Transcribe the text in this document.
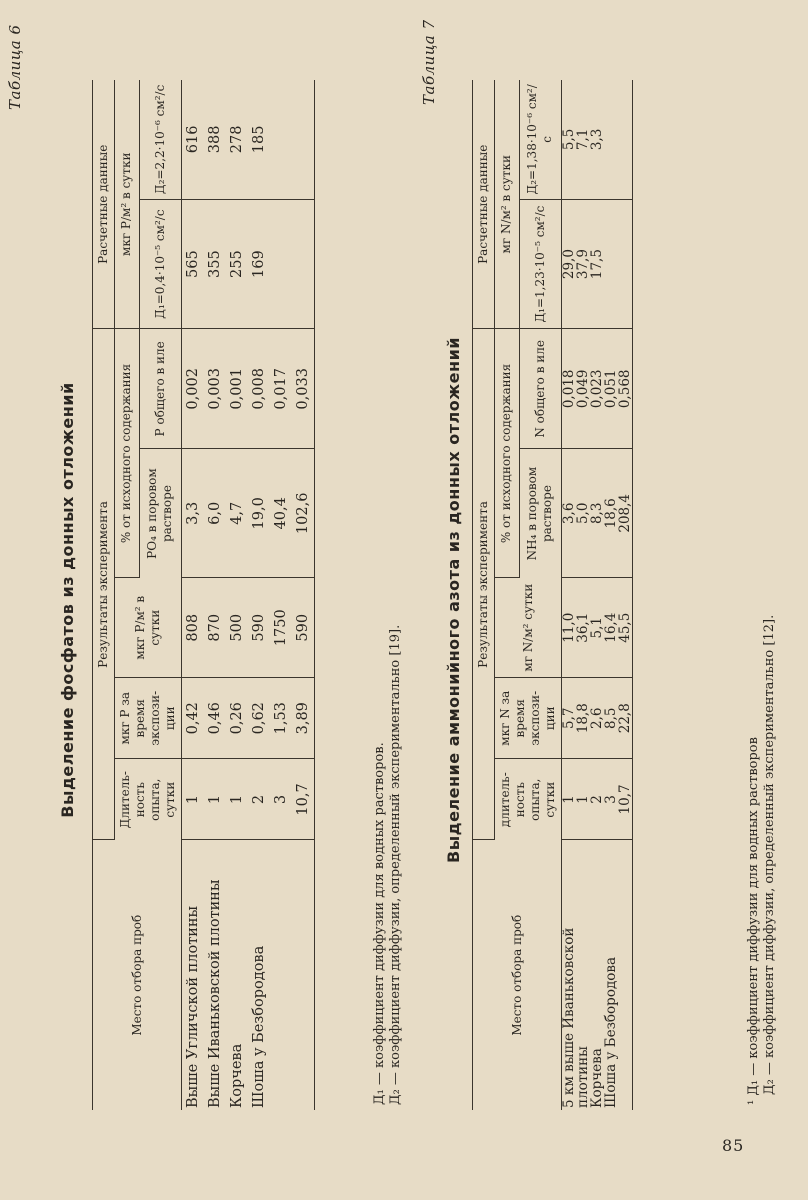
85
Таблица 6
Выделение фосфатов из донных отложений
Место отбора проб	Результаты эксперимента					Расчетные данные	
	Длитель-ность опыта, сутки	мкг Р за время экспози-ции	мкг Р/м² в сутки	% от исходного содержания		мкг Р/м² в сутки	
				РО₄ в поровом растворе	Р общего в иле	Д₁=0,4·10⁻⁵ см²/с	Д₂=2,2·10⁻⁶ см²/с
Выше Угличской плотины	1	0,42	808	3,3	0,002	565	616
Выше Иваньковской плотины	1	0,46	870	6,0	0,003	355	388
Корчева	1	0,26	500	4,7	0,001	255	278
Шоша у Безбородова	2	0,62	590	19,0	0,008	169	185
	3	1,53	1750	40,4	0,017		
	10,7	3,89	590	102,6	0,033		
Д₁ — коэффициент диффузии для водных растворов. Д₂ — коэффициент диффузии, определенный экспериментально [19].
Таблица 7
Выделение аммонийного азота из донных отложений
Место отбора проб	Результаты эксперимента					Расчетные данные	
	длитель-ность опыта, сутки	мкг N за время экспози-ции	мг N/м² сутки	% от исходного содержания		мг N/м² в сутки	
				NH₄ в поровом растворе	N общего в иле	Д₁=1,23·10⁻⁵ см²/с	Д₂=1,38·10⁻⁶ см²/с
5 км выше Иваньковской	1	5,7	11,0	3,6	0,018	29,0	5,5
плотины	1	18,8	36,1	5,0	0,049	37,9	7,1
Корчева	2	2,6	5,1	8,3	0,023	17,5	3,3
Шоша у Безбородова	3	8,5	16,4	18,6	0,051		
	10,7	22,8	45,5	208,4	0,568		
¹ Д₁ — коэффициент диффузии для водных растворов Д₂ — коэффициент диффузии, определенный экспериментально [12].
